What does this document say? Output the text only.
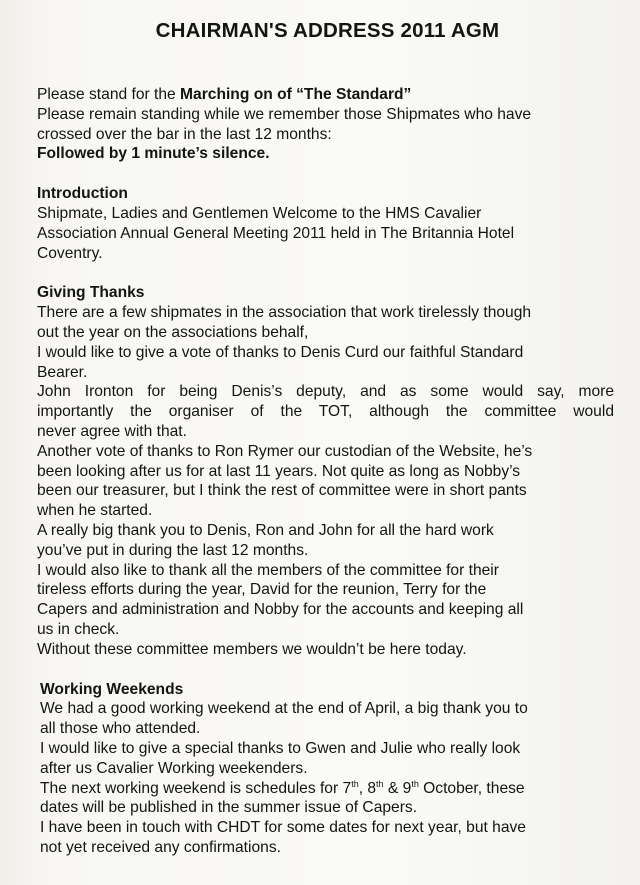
CHAIRMAN'S ADDRESS 2011 AGM
Please stand for the Marching on of “The Standard”
Please remain standing while we remember those Shipmates who have
crossed over the bar in the last 12 months:
Followed by 1 minute’s silence.
Introduction
Shipmate, Ladies and Gentlemen Welcome to the HMS Cavalier
Association Annual General Meeting 2011 held in The Britannia Hotel
Coventry.
Giving Thanks
There are a few shipmates in the association that work tirelessly though
out the year on the associations behalf,
I would like to give a vote of thanks to Denis Curd our faithful Standard
Bearer.
John Ironton for being Denis’s deputy, and as some would say, more
importantly the organiser of the TOT, although the committee would
never agree with that.
Another vote of thanks to Ron Rymer our custodian of the Website, he’s
been looking after us for at last 11 years. Not quite as long as Nobby’s
been our treasurer, but I think the rest of committee were in short pants
when he started.
A really big thank you to Denis, Ron and John for all the hard work
you’ve put in during the last 12 months.
I would also like to thank all the members of the committee for their
tireless efforts during the year, David for the reunion, Terry for the
Capers and administration and Nobby for the accounts and keeping all
us in check.
Without these committee members we wouldn’t be here today.
Working Weekends
We had a good working weekend at the end of April, a big thank you to
all those who attended.
I would like to give a special thanks to Gwen and Julie who really look
after us Cavalier Working weekenders.
The next working weekend is schedules for 7th, 8th & 9th October, these
dates will be published in the summer issue of Capers.
I have been in touch with CHDT for some dates for next year, but have
not yet received any confirmations.
